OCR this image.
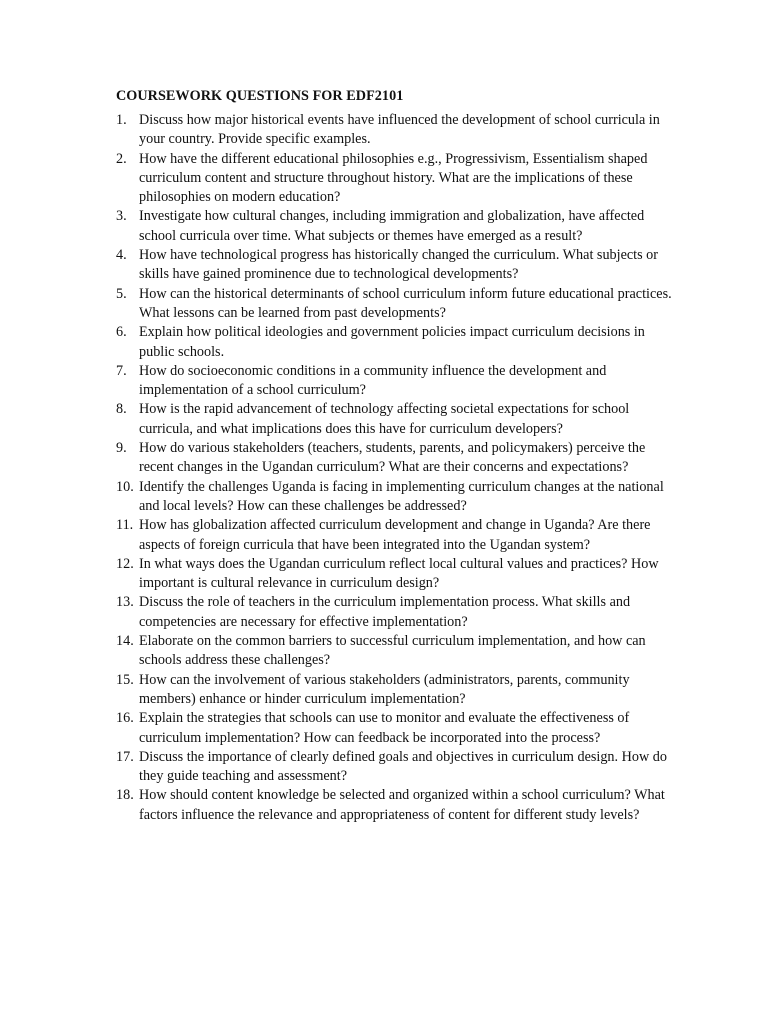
COURSEWORK QUESTIONS FOR EDF2101
1. Discuss how major historical events have influenced the development of school curricula in your country. Provide specific examples.
2. How have the different educational philosophies e.g., Progressivism, Essentialism shaped curriculum content and structure throughout history. What are the implications of these philosophies on modern education?
3. Investigate how cultural changes, including immigration and globalization, have affected school curricula over time. What subjects or themes have emerged as a result?
4. How have technological progress has historically changed the curriculum. What subjects or skills have gained prominence due to technological developments?
5. How can the historical determinants of school curriculum inform future educational practices. What lessons can be learned from past developments?
6. Explain how political ideologies and government policies impact curriculum decisions in public schools.
7. How do socioeconomic conditions in a community influence the development and implementation of a school curriculum?
8. How is the rapid advancement of technology affecting societal expectations for school curricula, and what implications does this have for curriculum developers?
9. How do various stakeholders (teachers, students, parents, and policymakers) perceive the recent changes in the Ugandan curriculum? What are their concerns and expectations?
10. Identify the challenges Uganda is facing in implementing curriculum changes at the national and local levels? How can these challenges be addressed?
11. How has globalization affected curriculum development and change in Uganda? Are there aspects of foreign curricula that have been integrated into the Ugandan system?
12. In what ways does the Ugandan curriculum reflect local cultural values and practices? How important is cultural relevance in curriculum design?
13. Discuss the role of teachers in the curriculum implementation process. What skills and competencies are necessary for effective implementation?
14. Elaborate on the common barriers to successful curriculum implementation, and how can schools address these challenges?
15. How can the involvement of various stakeholders (administrators, parents, community members) enhance or hinder curriculum implementation?
16. Explain the strategies that schools can use to monitor and evaluate the effectiveness of curriculum implementation? How can feedback be incorporated into the process?
17. Discuss the importance of clearly defined goals and objectives in curriculum design. How do they guide teaching and assessment?
18. How should content knowledge be selected and organized within a school curriculum? What factors influence the relevance and appropriateness of content for different study levels?
